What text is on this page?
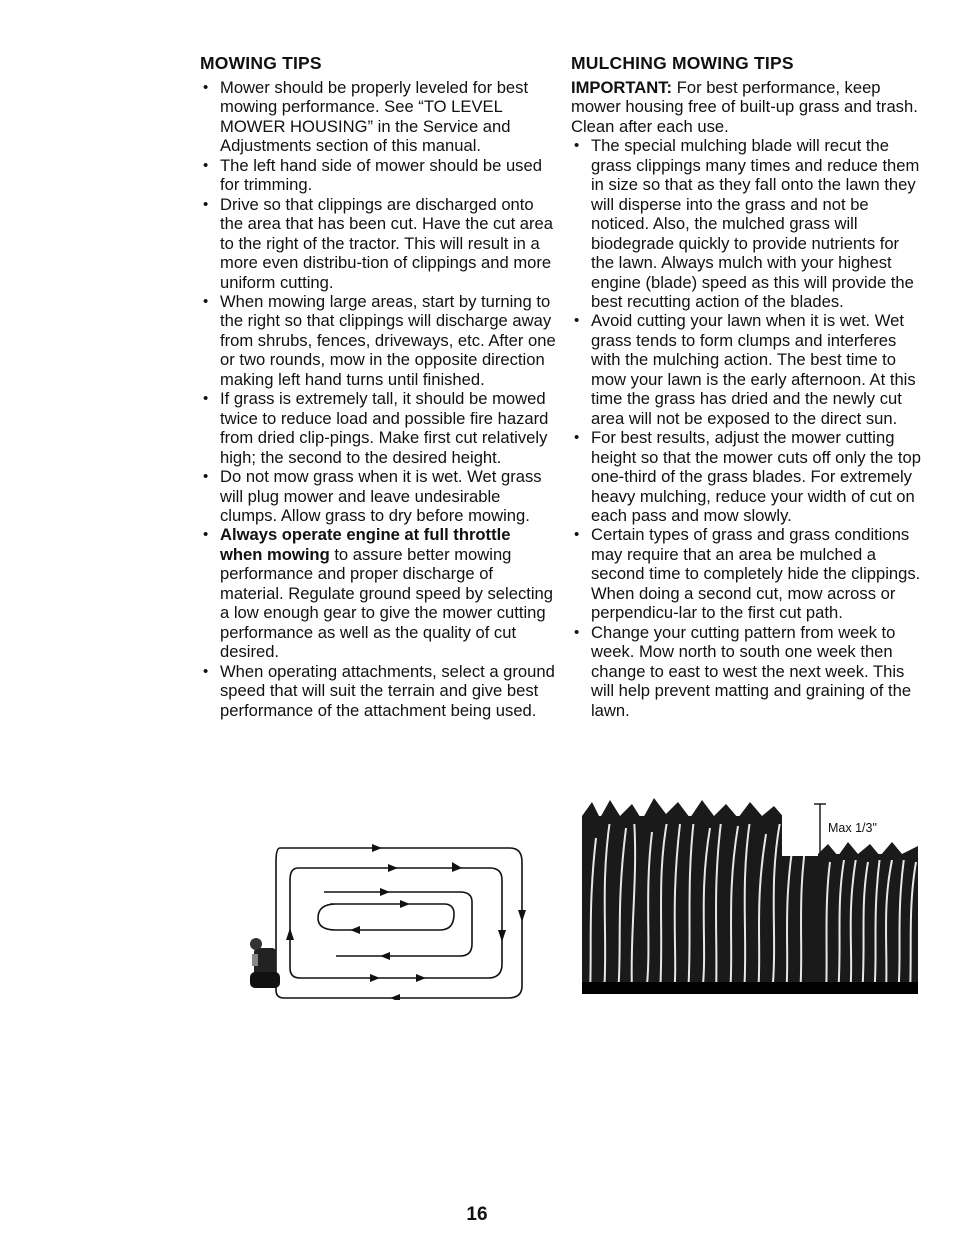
MOWING TIPS
• Mower should be properly leveled for best mowing performance. See “TO LEVEL MOWER HOUSING” in the Service and Adjustments section of this manual.
• The left hand side of mower should be used for trimming.
• Drive so that clippings are discharged onto the area that has been cut. Have the cut area to the right of the tractor. This will result in a more even distribu-tion of clippings and more uniform cutting.
• When mowing large areas, start by turning to the right so that clippings will discharge away from shrubs, fences, driveways, etc. After one or two rounds, mow in the opposite direction making left hand turns until finished.
• If grass is extremely tall, it should be mowed twice to reduce load and possible fire hazard from dried clip-pings. Make first cut relatively high; the second to the desired height.
• Do not mow grass when it is wet. Wet grass will plug mower and leave undesirable clumps. Allow grass to dry before mowing.
• Always operate engine at full throttle when mowing to assure better mowing performance and proper discharge of material. Regulate ground speed by selecting a low enough gear to give the mower cutting performance as well as the quality of cut desired.
• When operating attachments, select a ground speed that will suit the terrain and give best performance of the attachment being used.
MULCHING MOWING TIPS

IMPORTANT: For best performance, keep mower housing free of built-up grass and trash. Clean after each use.

• The special mulching blade will recut the grass clippings many times and reduce them in size so that as they fall onto the lawn they will disperse into the grass and not be noticed. Also, the mulched grass will biodegrade quickly to provide nutrients for the lawn. Always mulch with your highest engine (blade) speed as this will provide the best recutting action of the blades.
• Avoid cutting your lawn when it is wet. Wet grass tends to form clumps and interferes with the mulching action. The best time to mow your lawn is the early afternoon. At this time the grass has dried and the newly cut area will not be exposed to the direct sun.
• For best results, adjust the mower cutting height so that the mower cuts off only the top one-third of the grass blades. For extremely heavy mulching, reduce your width of cut on each pass and mow slowly.
• Certain types of grass and grass conditions may require that an area be mulched a second time to completely hide the clippings. When doing a second cut, mow across or perpendicu-lar to the first cut path.
• Change your cutting pattern from week to week. Mow north to south one week then change to east to west the next week. This will help prevent matting and graining of the lawn.
Max 1/3"
16
